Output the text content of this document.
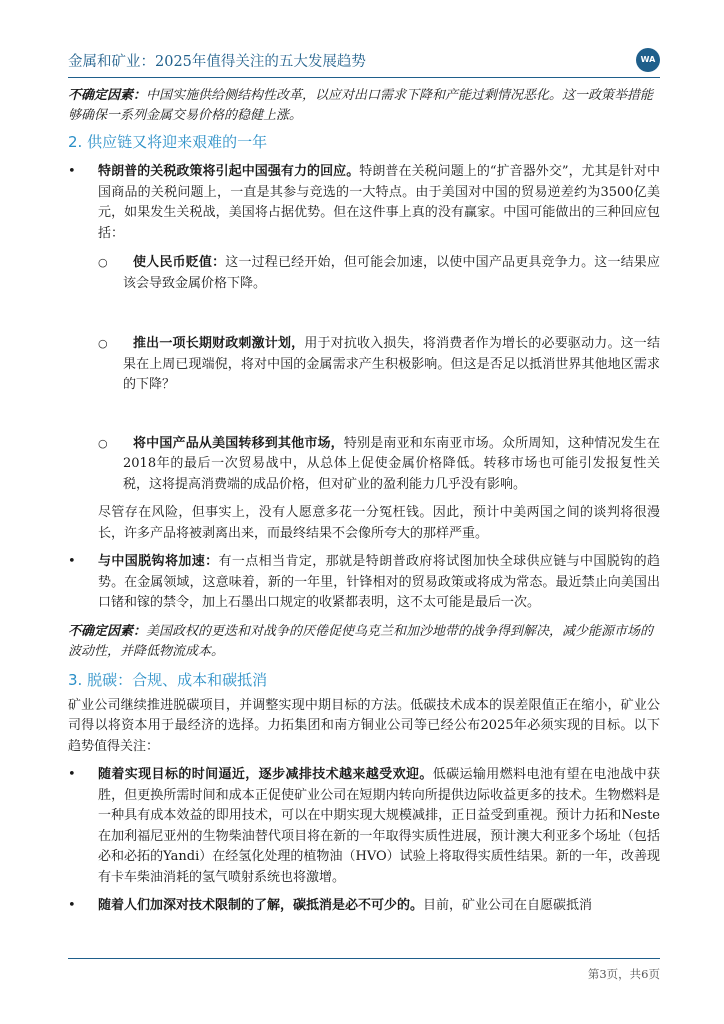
金属和矿业：2025年值得关注的五大发展趋势	WA

不确定因素：中国实施供给侧结构性改革，以应对出口需求下降和产能过剩情况恶化。这一政策举措能够确保一系列金属交易价格的稳健上涨。

2. 供应链又将迎来艰难的一年

• 特朗普的关税政策将引起中国强有力的回应。特朗普在关税问题上的“扩音器外交”，尤其是针对中国商品的关税问题上，一直是其参与竞选的一大特点。由于美国对中国的贸易逆差约为3500亿美元，如果发生关税战，美国将占据优势。但在这件事上真的没有赢家。中国可能做出的三种回应包括：
○ 使人民币贬值：这一过程已经开始，但可能会加速，以使中国产品更具竞争力。这一结果应该会导致金属价格下降。
○ 推出一项长期财政刺激计划，用于对抗收入损失，将消费者作为增长的必要驱动力。这一结果在上周已现端倪，将对中国的金属需求产生积极影响。但这是否足以抵消世界其他地区需求的下降？
○ 将中国产品从美国转移到其他市场，特别是南亚和东南亚市场。众所周知，这种情况发生在2018年的最后一次贸易战中，从总体上促使金属价格降低。转移市场也可能引发报复性关税，这将提高消费端的成品价格，但对矿业的盈利能力几乎没有影响。

尽管存在风险，但事实上，没有人愿意多花一分冤枉钱。因此，预计中美两国之间的谈判将很漫长，许多产品将被剥离出来，而最终结果不会像所夸大的那样严重。

• 与中国脱钩将加速：有一点相当肯定，那就是特朗普政府将试图加快全球供应链与中国脱钩的趋势。在金属领域，这意味着，新的一年里，针锋相对的贸易政策或将成为常态。最近禁止向美国出口锗和镓的禁令，加上石墨出口规定的收紧都表明，这不太可能是最后一次。

不确定因素：美国政权的更迭和对战争的厌倦促使乌克兰和加沙地带的战争得到解决，减少能源市场的波动性，并降低物流成本。

3. 脱碳：合规、成本和碳抵消

矿业公司继续推进脱碳项目，并调整实现中期目标的方法。低碳技术成本的误差限值正在缩小，矿业公司得以将资本用于最经济的选择。力拓集团和南方铜业公司等已经公布2025年必须实现的目标。以下趋势值得关注：

• 随着实现目标的时间逼近，逐步减排技术越来越受欢迎。低碳运输用燃料电池有望在电池战中获胜，但更换所需时间和成本正促使矿业公司在短期内转向所提供边际收益更多的技术。生物燃料是一种具有成本效益的即用技术，可以在中期实现大规模减排，正日益受到重视。预计力拓和Neste在加利福尼亚州的生物柴油替代项目将在新的一年取得实质性进展，预计澳大利亚多个场址（包括必和必拓的Yandi）在经氢化处理的植物油（HVO）试验上将取得实质性结果。新的一年，改善现有卡车柴油消耗的氢气喷射系统也将激增。
• 随着人们加深对技术限制的了解，碳抵消是必不可少的。目前，矿业公司在自愿碳抵消
第3页，共6页
